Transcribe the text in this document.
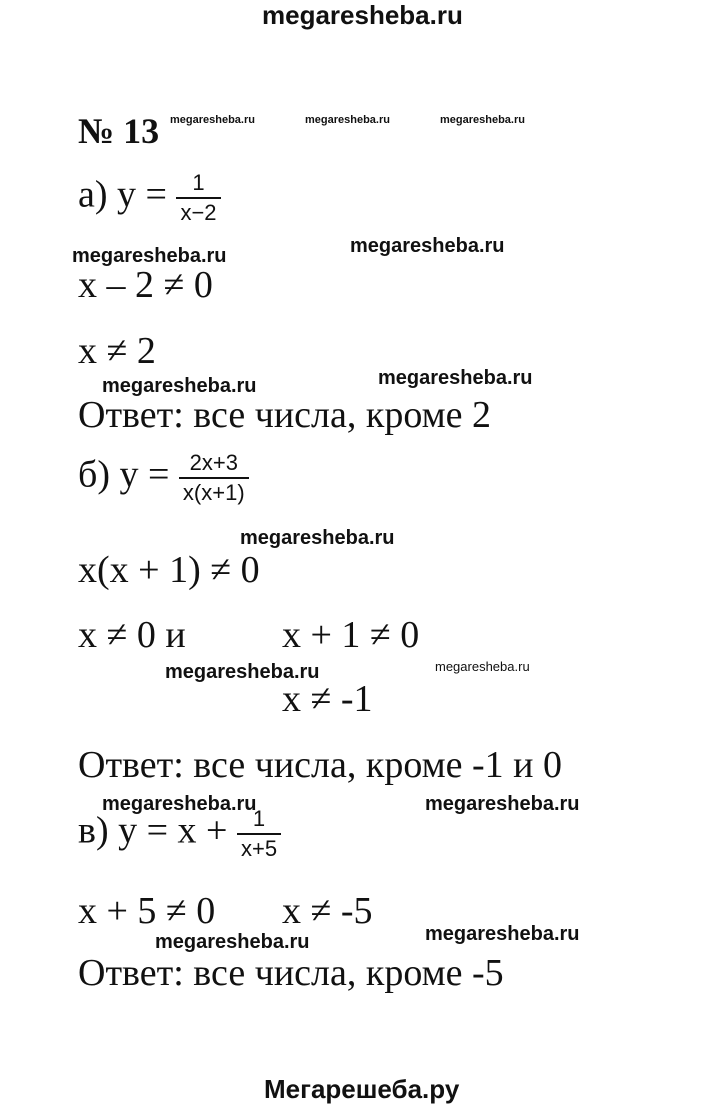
megaresheba.ru
№ 13 megaresheba.ru	megaresheba.ru	megaresheba.ru
а) $y = \frac{1}{x-2}$
megaresheba.ru	megaresheba.ru
x – 2 ≠ 0
x ≠ 2
megaresheba.ru	megaresheba.ru
Ответ: все числа, кроме 2
б) $y = \frac{2x+3}{x(x+1)}$
megaresheba.ru
x(x + 1) ≠ 0
x ≠ 0 и	x + 1 ≠ 0
megaresheba.ru	megaresheba.ru
x ≠ -1
Ответ: все числа, кроме -1 и 0
megaresheba.ru	megaresheba.ru
в) $y = x + \frac{1}{x+5}$
x + 5 ≠ 0 x ≠ -5
megaresheba.ru	megaresheba.ru
Ответ: все числа, кроме -5
Мегарешеба.ру
